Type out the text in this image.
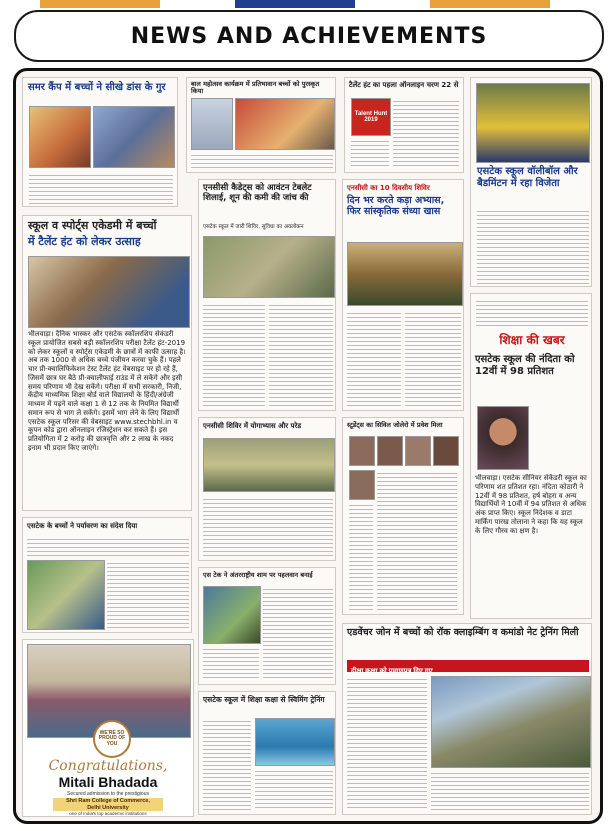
NEWS AND ACHIEVEMENTS
समर कैंप में बच्चों ने सीखे डांस के गुर	बाल महोत्सव कार्यक्रम में प्रतिभावान बच्चों को पुरस्कृत किया
टैलेंट हंट का पहला ऑनलाइन चरण 22 से
Talent Hunt 2019
एसटेक स्कूल वॉलीबॉल और बैडमिंटन में रहा विजेता
एनसीसी कैडेट्स को आवंटन टेबलेट शिलाई, शून की कमी की जांच की
एसटेक स्कूल में जारी शिविर, सुविधा का अवलोकन
एनसीसी का 10 दिवसीय शिविर
दिन भर करते कड़ा अभ्यास, फिर सांस्कृतिक संध्या खास
स्कूल व स्पोर्ट्स एकेडमी में बच्चों
में टैलेंट हंट को लेकर उत्साह
भीलवाड़ा। दैनिक भास्कर और एसटेक स्कॉलरशिप सेकंडरी स्कूल प्रायोजित सबसे बड़ी स्कॉलरशिप परीक्षा टैलेंट हंट-2019 को लेकर स्कूलों व स्पोर्ट्स एकेडमी के छात्रों में काफी उत्साह है। अब तक 1000 से अधिक बच्चे पंजीयन करवा चुके हैं। पहले चार प्री-क्वालिफिकेशन टेस्ट टैलेंट हंट वेबसाइट पर हो रहे हैं, जिसमें छात्र घर बैठे प्री-क्वालीफाई राउंड में ले सकेंगे और इसी समय परिणाम भी देख सकेंगे। परीक्षा में सभी सरकारी, निजी, केंद्रीय माध्यमिक शिक्षा बोर्ड वाले विद्यालयों के हिंदी/अंग्रेजी माध्यम में पढ़ने वाले कक्षा 1 से 12 तक के नियमित विद्यार्थी समान रूप से भाग ले सकेंगे। इसमें भाग लेने के लिए विद्यार्थी एसटेक स्कूल परिसर की वेबसाइट www.stechbhl.in व कूपन कोड द्वारा ऑनलाइन रजिस्ट्रेशन कर सकते हैं। इस प्रतियोगिता में 2 करोड़ की छात्रवृत्ति और 2 लाख के नकद इनाम भी प्रदान किए जाएंगे।
शिक्षा की खबर
एसटेक स्कूल की नंदिता को 12वीं में 98 प्रतिशत
भीलवाड़ा। एसटेक सीनियर सेकेंडरी स्कूल का परिणाम शत प्रतिशत रहा। नंदिता कोठारी ने 12वीं में 98 प्रतिशत, हर्ष बोहरा व अन्य विद्यार्थियों ने 10वीं में 94 प्रतिशत से अधिक अंक प्राप्त किए। स्कूल निदेशक व डाटा मार्किंग पारख तोलाना ने कहा कि यह स्कूल के लिए गौरव का क्षण है।
एनसीसी शिविर में योगाभ्यास और परेड	स्टूडेंट्स का सिविल जोलेरो में प्रवेश मिला
एसटेक के बच्चों ने पर्यावरण का संदेश दिया
एस टेक ने अंतरराष्ट्रीय शाम पर पहलवान बनाई
WE'RE SO PROUD OF YOU
Congratulations,
Mitali Bhadada
Secured admission to the prestigious
Shri Ram College of Commerce,
Delhi University
one of India's top academic institutions
एसटेक स्कूल में शिक्षा कक्षा से स्विमिंग ट्रेनिंग
एडवेंचर जोन में बच्चों को रॉक क्लाइम्बिंग व कमांडो नेट ट्रेनिंग मिली
दीक्षा कक्षा को प्रमाणपत्र दिए गए
